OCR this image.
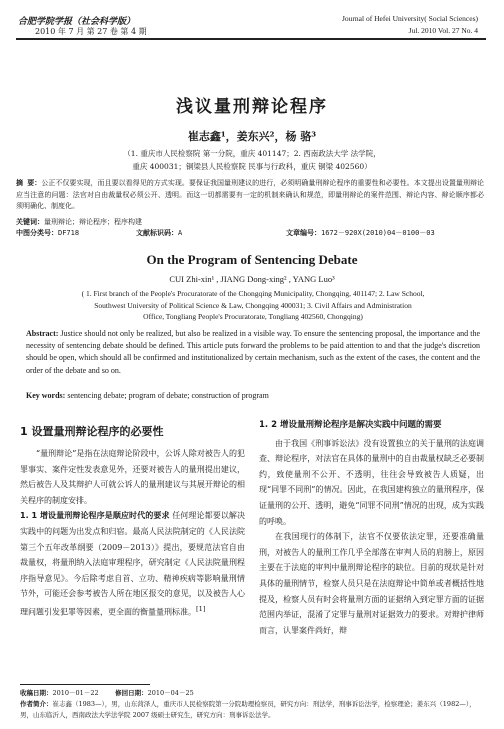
合肥学院学报（社会科学版）
2010 年 7 月 第 27 卷 第 4 期
Journal of Hefei University( Social Sciences)
Jul. 2010 Vol. 27 No. 4
浅议量刑辩论程序
崔志鑫¹，姜东兴²，杨 骆³
（1. 重庆市人民检察院 第一分院，重庆 401147；2. 西南政法大学 法学院，
重庆 400031；铜梁县人民检察院 民事与行政科，重庆 铜梁 402560）
摘 要：公正不仅要实现，而且要以看得见的方式实现。要保证我国量刑建议的进行，必须明确量刑辩论程序的重要性和必要性。本文提出设置量刑辩论应当注意的问题：法官对自由裁量权必须公开、透明。而这一切都需要有一定的机制来确认和规范，即量刑辩论的案件范围、辩论内容、辩论顺序都必须明确化、制度化。
关键词：量刑辩论；辩论程序；程序构建
中图分类号：DF718	文献标识码：A	文章编号：1672－920X(2010)04－0100－03
On the Program of Sentencing Debate
CUI Zhi-xin¹ , JIANG Dong-xing² , YANG Luo³
( 1. First branch of the People's Procuratorate of the Chongqing Municipality, Chongqing, 401147; 2. Law School,
Southwest University of Political Science & Law, Chongqing 400031; 3. Civil Affairs and Administration
Office, Tongliang People's Procuratorate, Tongliang 402560, Chongqing)
Abstract: Justice should not only be realized, but also be realized in a visible way. To ensure the sentencing proposal, the importance and the necessity of sentencing debate should be defined. This article puts forward the problems to be paid attention to and that the judge's discretion should be open, which should all be confirmed and institutionalized by certain mechanism, such as the extent of the cases, the content and the order of the debate and so on.
Key words: sentencing debate; program of debate; construction of program
1 设置量刑辩论程序的必要性

“量刑辩论”是指在法庭辩论阶段中，公诉人除对被告人的犯罪事实、案件定性发表意见外，还要对被告人的量刑提出建议，然后被告人及其辩护人可就公诉人的量刑建议与其展开辩论的相关程序的制度安排。

1. 1 增设量刑辩论程序是顺应时代的要求 任何理论都要以解决实践中的问题为出发点和归宿。最高人民法院制定的《人民法院第三个五年改革纲要（2009－2013）》提出，要规范法官自由裁量权，将量刑纳入法庭审理程序，研究制定《人民法院量刑程序指导意见》。今后除考虑自首、立功、精神疾病等影响量刑情节外，可能还会参考被告人所在地区报交的意见，以及被告人心理问题引发犯罪等因素，更全面的衡量量刑标准。[1]

1. 2 增设量刑辩论程序是解决实践中问题的需要

由于我国《刑事诉讼法》没有设置独立的关于量刑的法庭调查、辩论程序，对法官在具体的量刑中的自由裁量权缺乏必要制约，致使量刑不公开、不透明，往往会导致被告人质疑，出现“同罪不同刑”的情况。因此，在我国建构独立的量刑程序，保证量刑的公开、透明，避免“同罪不同刑”情况的出现，成为实践的呼唤。

在我国现行的体制下，法官不仅要依法定罪，还要准确量刑，对被告人的量刑工作几乎全部落在审判人员的肩膀上，原因主要在于法庭的审判中量刑辩论程序的缺位。目前的现状是针对具体的量刑情节，检察人员只是在法庭辩论中简单或者概括性地提及，检察人员有时会将量刑方面的证据纳入到定罪方面的证据范围内举证，混淆了定罪与量刑对证据效力的要求。对辩护律师而言，认罪案件尚好，辩

收稿日期：2010－01－22	修回日期：2010－04－25
作者简介：崔志鑫（1983—），男，山东菏泽人，重庆市人民检察院第一分院助理检察员，研究方向：刑法学，刑事诉讼法学，检察理论；姜东兴（1982—），男，山东临沂人，西南政法大学法学院 2007 级硕士研究生，研究方向：刑事诉讼法学。
